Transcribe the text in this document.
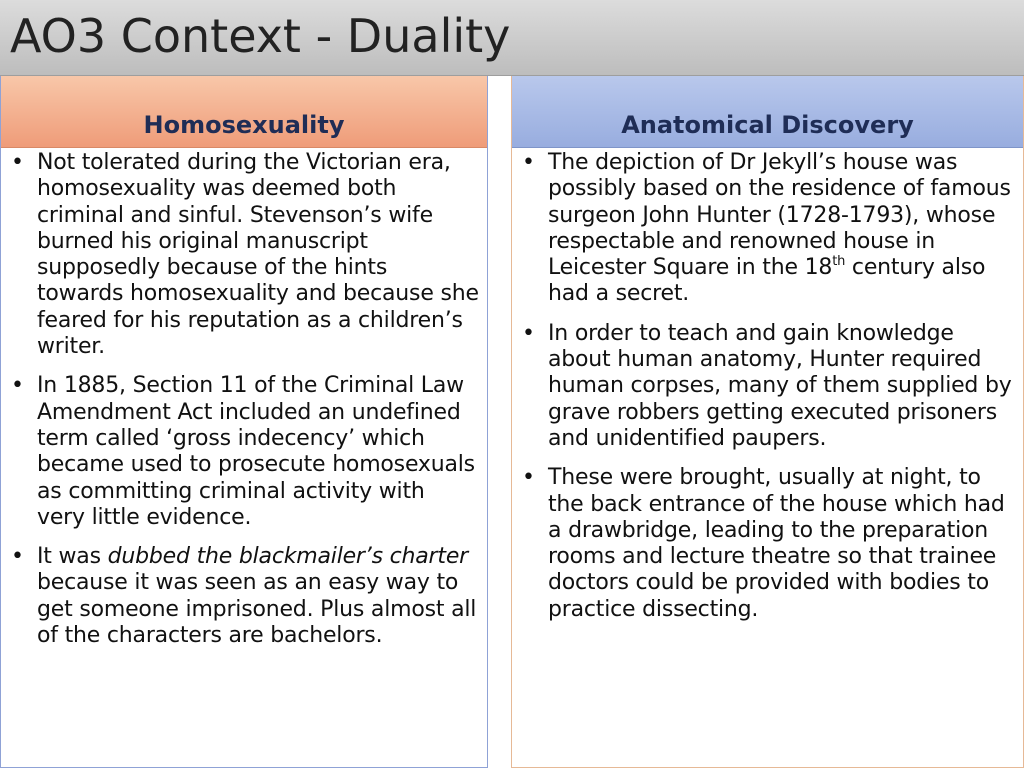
AO3 Context - Duality
Homosexuality
• Not tolerated during the Victorian era, homosexuality was deemed both criminal and sinful. Stevenson’s wife burned his original manuscript supposedly because of the hints towards homosexuality and because she feared for his reputation as a children’s writer.
• In 1885, Section 11 of the Criminal Law Amendment Act included an undefined term called ‘gross indecency’ which became used to prosecute homosexuals as committing criminal activity with very little evidence.
• It was dubbed the blackmailer’s charter because it was seen as an easy way to get someone imprisoned. Plus almost all of the characters are bachelors.
Anatomical Discovery
• The depiction of Dr Jekyll’s house was possibly based on the residence of famous surgeon John Hunter (1728-1793), whose respectable and renowned house in Leicester Square in the 18th century also had a secret.
• In order to teach and gain knowledge about human anatomy, Hunter required human corpses, many of them supplied by grave robbers getting executed prisoners and unidentified paupers.
• These were brought, usually at night, to the back entrance of the house which had a drawbridge, leading to the preparation rooms and lecture theatre so that trainee doctors could be provided with bodies to practice dissecting.
